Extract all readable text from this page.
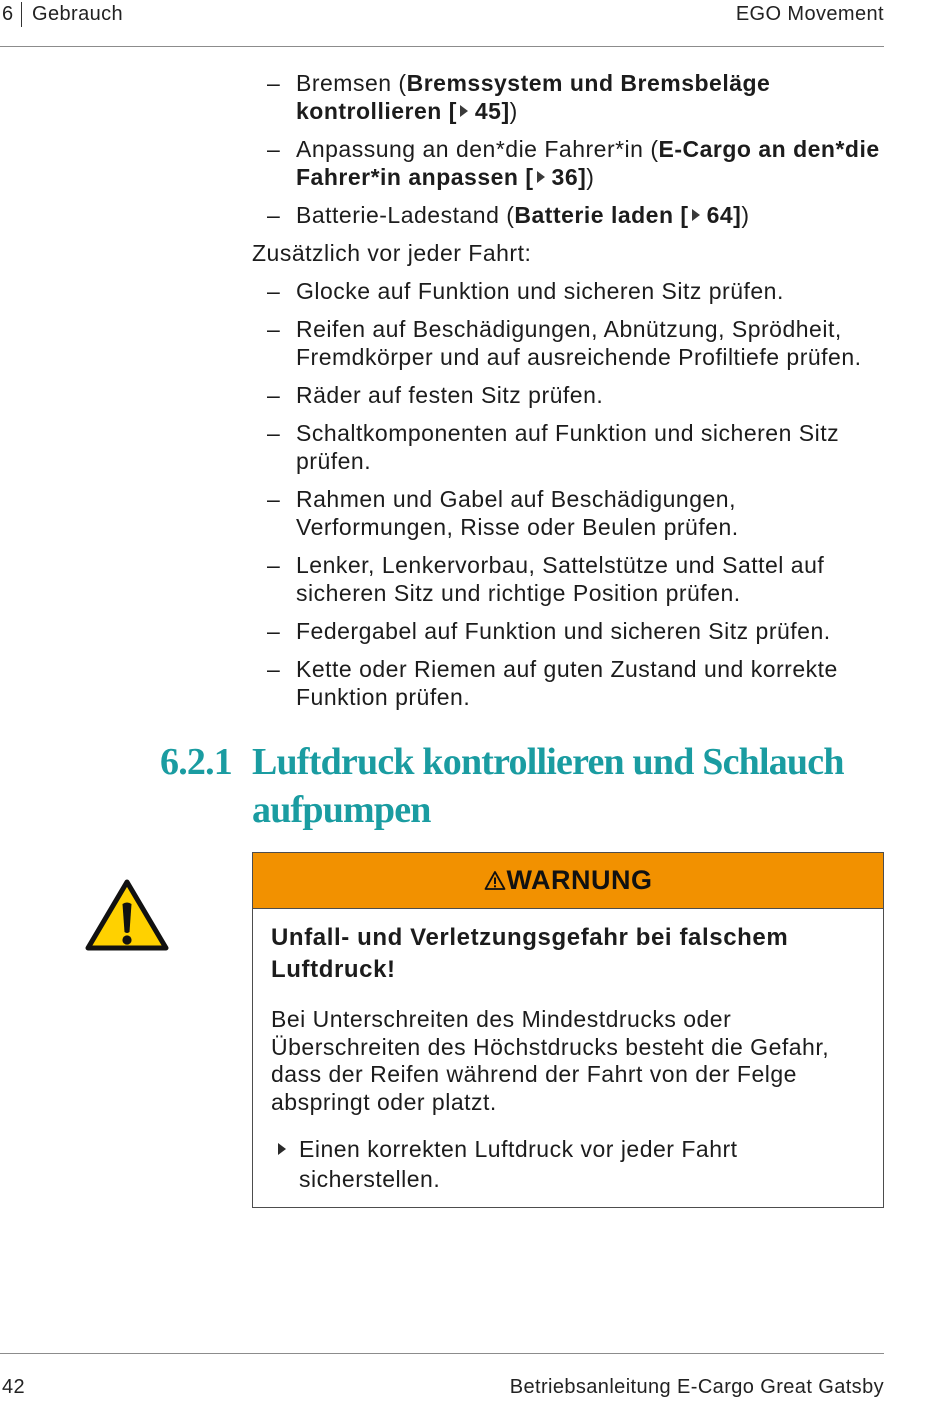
6 Gebrauch	EGO Movement
– Bremsen (Bremssystem und Bremsbeläge
kontrollieren [ 45])
– Anpassung an den*die Fahrer*in (E-Cargo an den*die
Fahrer*in anpassen [ 36])
– Batterie-Ladestand (Batterie laden [ 64])
Zusätzlich vor jeder Fahrt:
– Glocke auf Funktion und sicheren Sitz prüfen.
– Reifen auf Beschädigungen, Abnützung, Sprödheit,
Fremdkörper und auf ausreichende Profiltiefe prüfen.
– Räder auf festen Sitz prüfen.
– Schaltkomponenten auf Funktion und sicheren Sitz
prüfen.
– Rahmen und Gabel auf Beschädigungen,
Verformungen, Risse oder Beulen prüfen.
– Lenker, Lenkervorbau, Sattelstütze und Sattel auf
sicheren Sitz und richtige Position prüfen.
– Federgabel auf Funktion und sicheren Sitz prüfen.
– Kette oder Riemen auf guten Zustand und korrekte
Funktion prüfen.
6.2.1 Luftdruck kontrollieren und Schlauch
aufpumpen
WARNUNG
Unfall- und Verletzungsgefahr bei falschem
Luftdruck!
Bei Unterschreiten des Mindestdrucks oder
Überschreiten des Höchstdrucks besteht die Gefahr,
dass der Reifen während der Fahrt von der Felge
abspringt oder platzt.
Einen korrekten Luftdruck vor jeder Fahrt
sicherstellen.
42	Betriebsanleitung E-Cargo Great Gatsby
